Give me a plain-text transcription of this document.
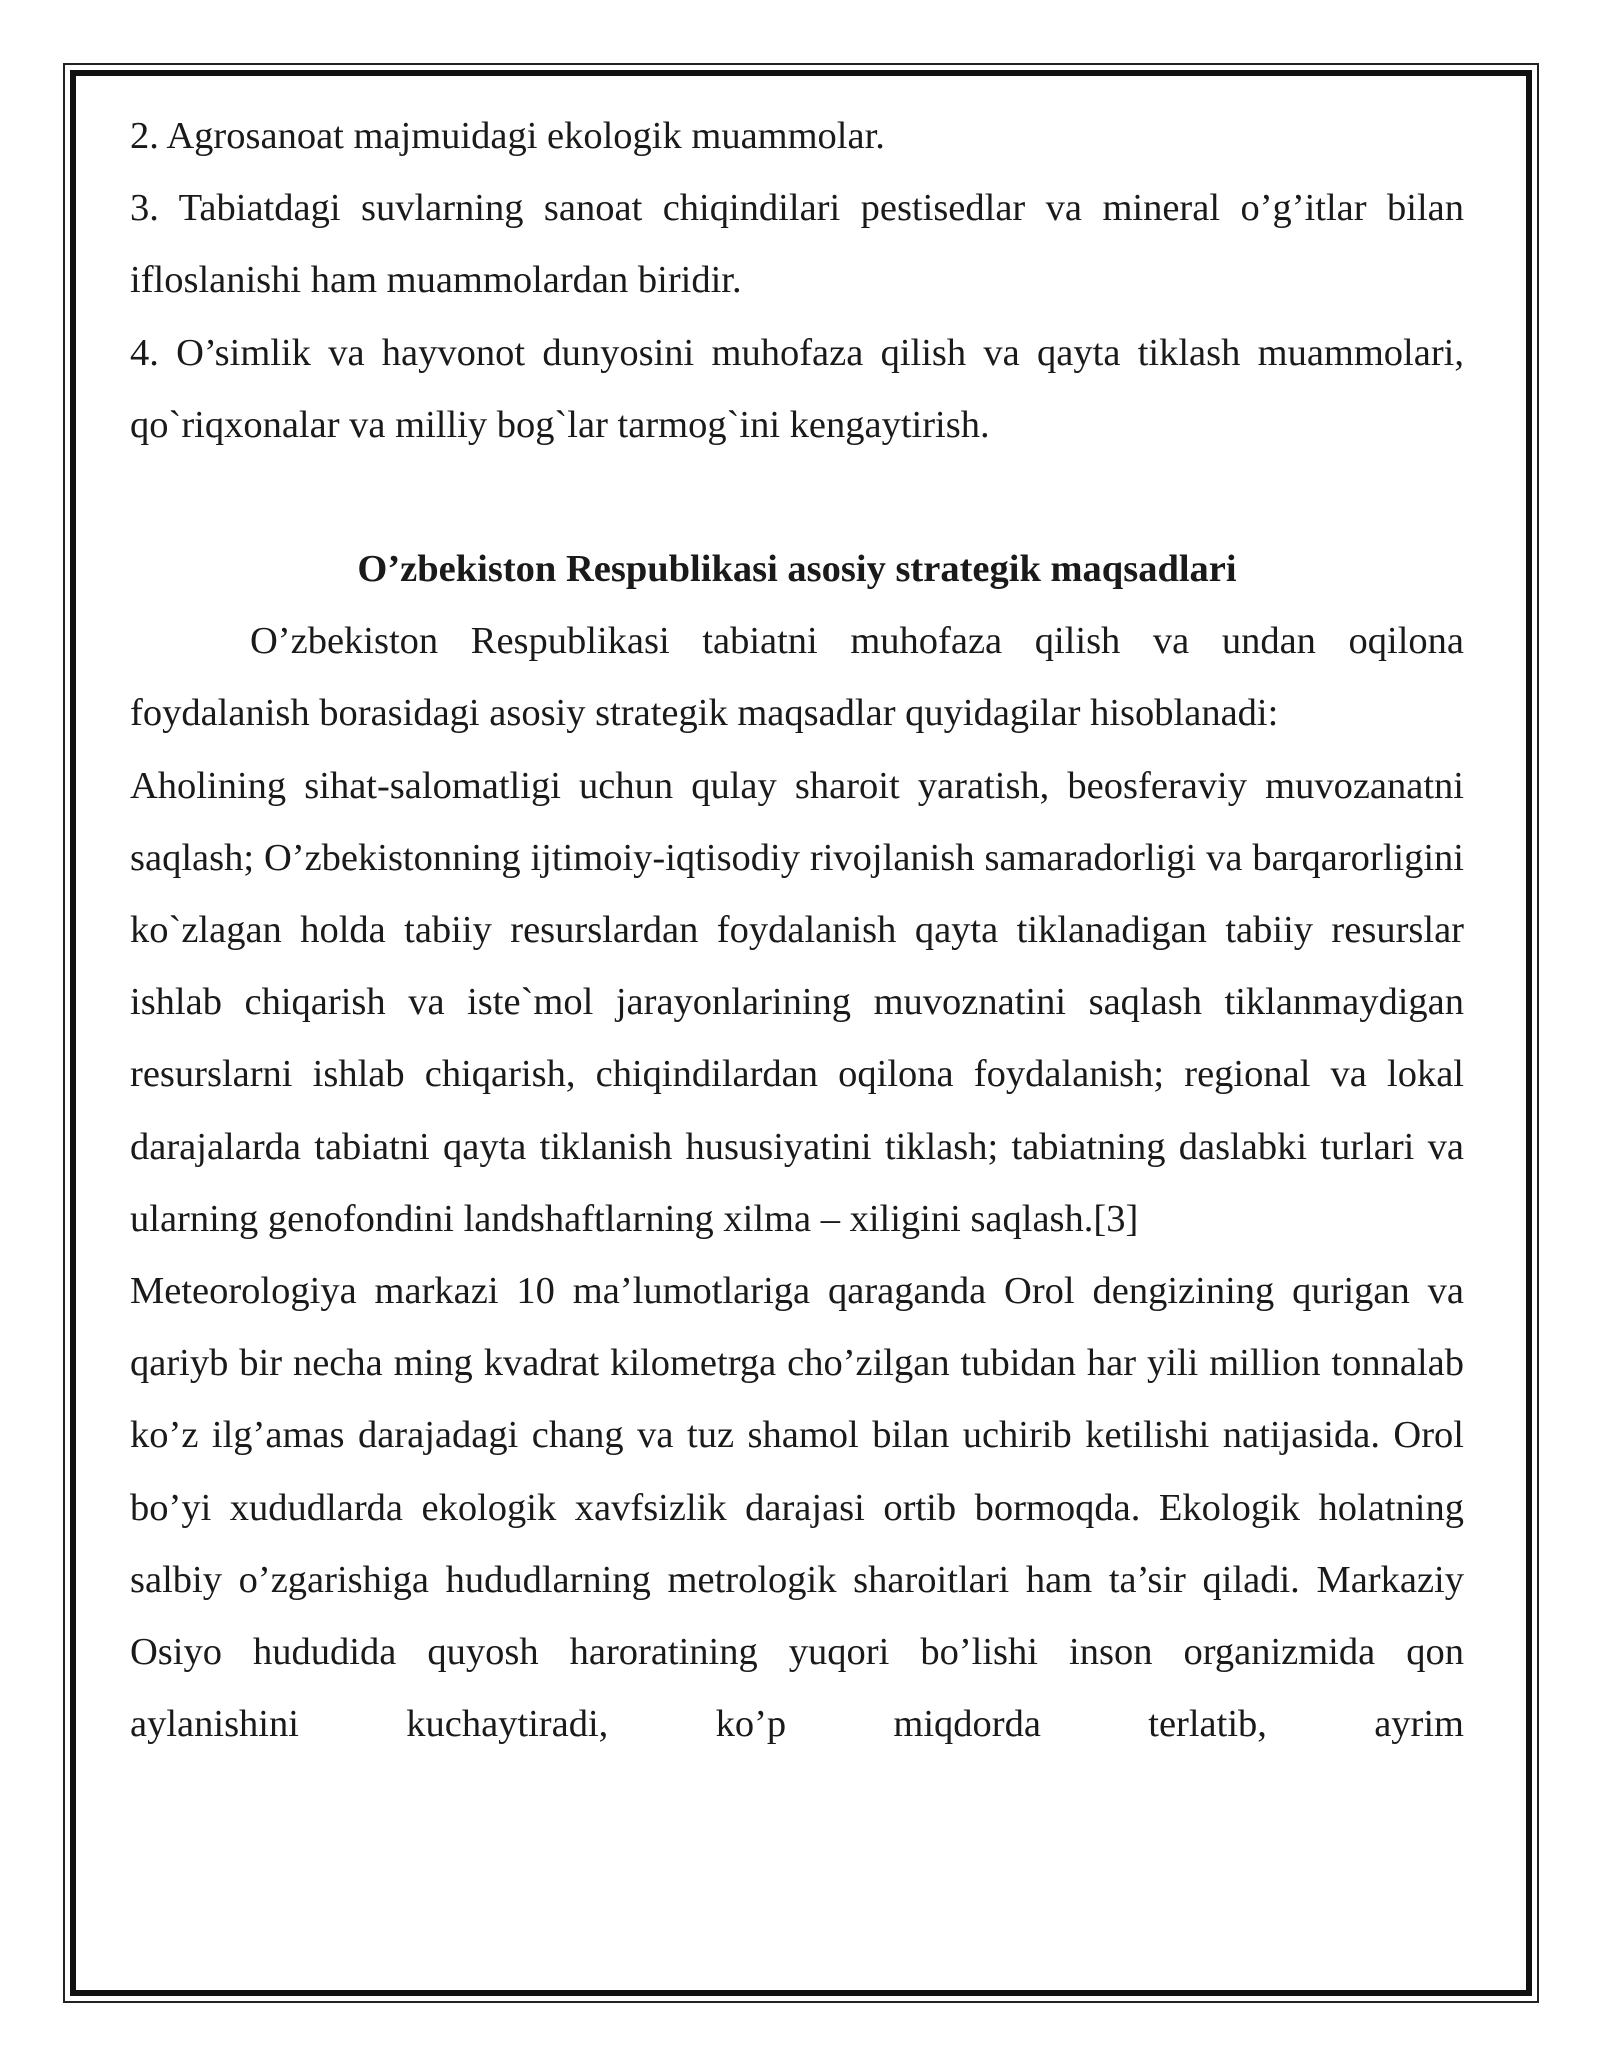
2. Agrosanoat majmuidagi ekologik muammolar.

3. Tabiatdagi suvlarning sanoat chiqindilari pestisedlar va mineral o’g’itlar bilan ifloslanishi ham muammolardan biridir.

4. O’simlik va hayvonot dunyosini muhofaza qilish va qayta tiklash muammolari, qo`riqxonalar va milliy bog`lar tarmog`ini kengaytirish.

O’zbekiston Respublikasi asosiy strategik maqsadlari

O’zbekiston Respublikasi tabiatni muhofaza qilish va undan oqilona foydalanish borasidagi asosiy strategik maqsadlar quyidagilar hisoblanadi:

Aholining sihat-salomatligi uchun qulay sharoit yaratish, beosferaviy muvozanatni saqlash; O’zbekistonning ijtimoiy-iqtisodiy rivojlanish samaradorligi va barqarorligini ko`zlagan holda tabiiy resurslardan foydalanish qayta tiklanadigan tabiiy resurslar ishlab chiqarish va iste`mol jarayonlarining muvoznatini saqlash tiklanmaydigan resurslarni ishlab chiqarish, chiqindilardan oqilona foydalanish; regional va lokal darajalarda tabiatni qayta tiklanish hususiyatini tiklash; tabiatning daslabki turlari va ularning genofondini landshaftlarning xilma – xiligini saqlash.[3]

Meteorologiya markazi 10 ma’lumotlariga qaraganda Orol dengizining qurigan va qariyb bir necha ming kvadrat kilometrga cho’zilgan tubidan har yili million tonnalab ko’z ilg’amas darajadagi chang va tuz shamol bilan uchirib ketilishi natijasida. Orol bo’yi xududlarda ekologik xavfsizlik darajasi ortib bormoqda. Ekologik holatning salbiy o’zgarishiga hududlarning metrologik sharoitlari ham ta’sir qiladi. Markaziy Osiyo hududida quyosh haroratining yuqori bo’lishi inson organizmida qon aylanishini kuchaytiradi, ko’p miqdorda terlatib, ayrim
